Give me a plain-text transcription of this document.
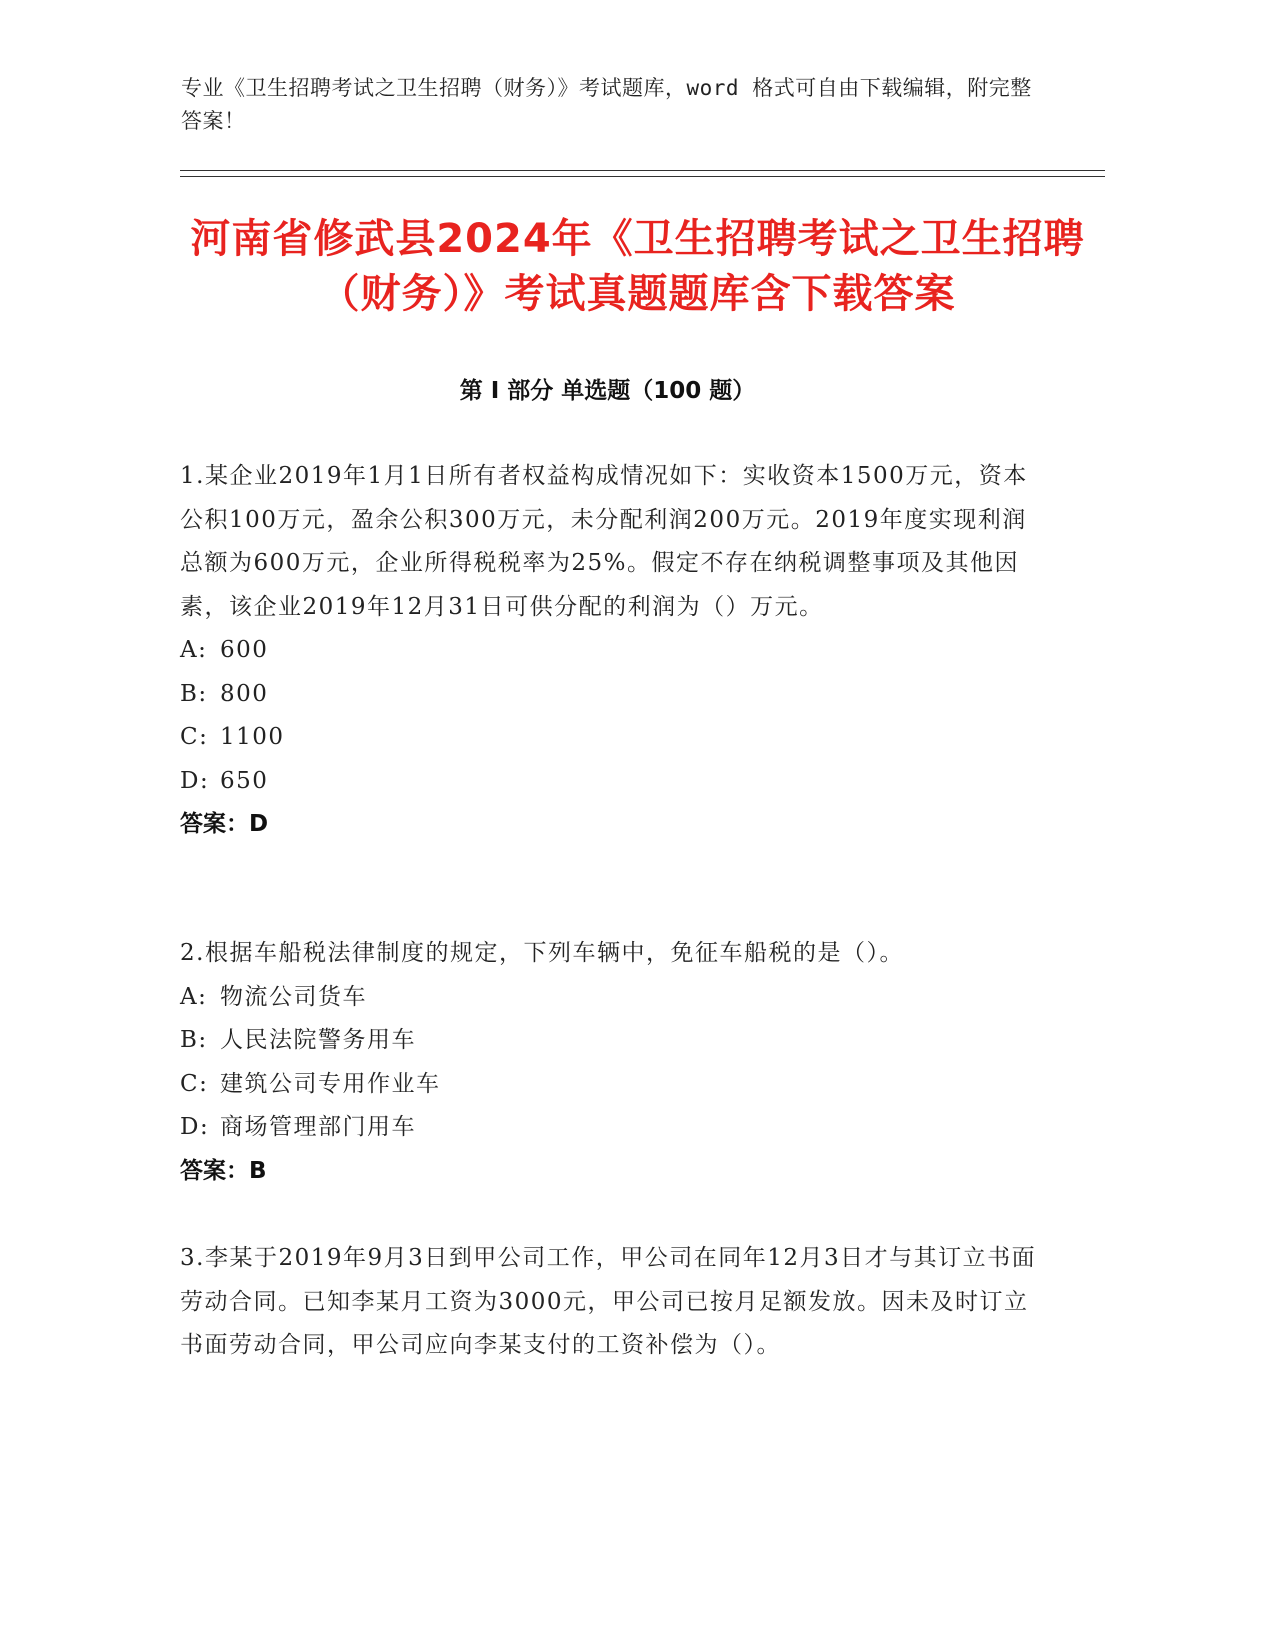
专业《卫生招聘考试之卫生招聘（财务）》考试题库，word 格式可自由下载编辑，附完整答案！
河南省修武县2024年《卫生招聘考试之卫生招聘（财务）》考试真题题库含下载答案
第 I 部分 单选题（100 题）

1.某企业2019年1月1日所有者权益构成情况如下：实收资本1500万元，资本公积100万元，盈余公积300万元，未分配利润200万元。2019年度实现利润总额为600万元，企业所得税税率为25%。假定不存在纳税调整事项及其他因素，该企业2019年12月31日可供分配的利润为（）万元。

A: 600

B: 800

C: 1100

D: 650

答案：D

2.根据车船税法律制度的规定，下列车辆中，免征车船税的是（）。

A: 物流公司货车

B: 人民法院警务用车

C: 建筑公司专用作业车

D: 商场管理部门用车

答案：B

3.李某于2019年9月3日到甲公司工作，甲公司在同年12月3日才与其订立书面劳动合同。已知李某月工资为3000元，甲公司已按月足额发放。因未及时订立书面劳动合同，甲公司应向李某支付的工资补偿为（）。
